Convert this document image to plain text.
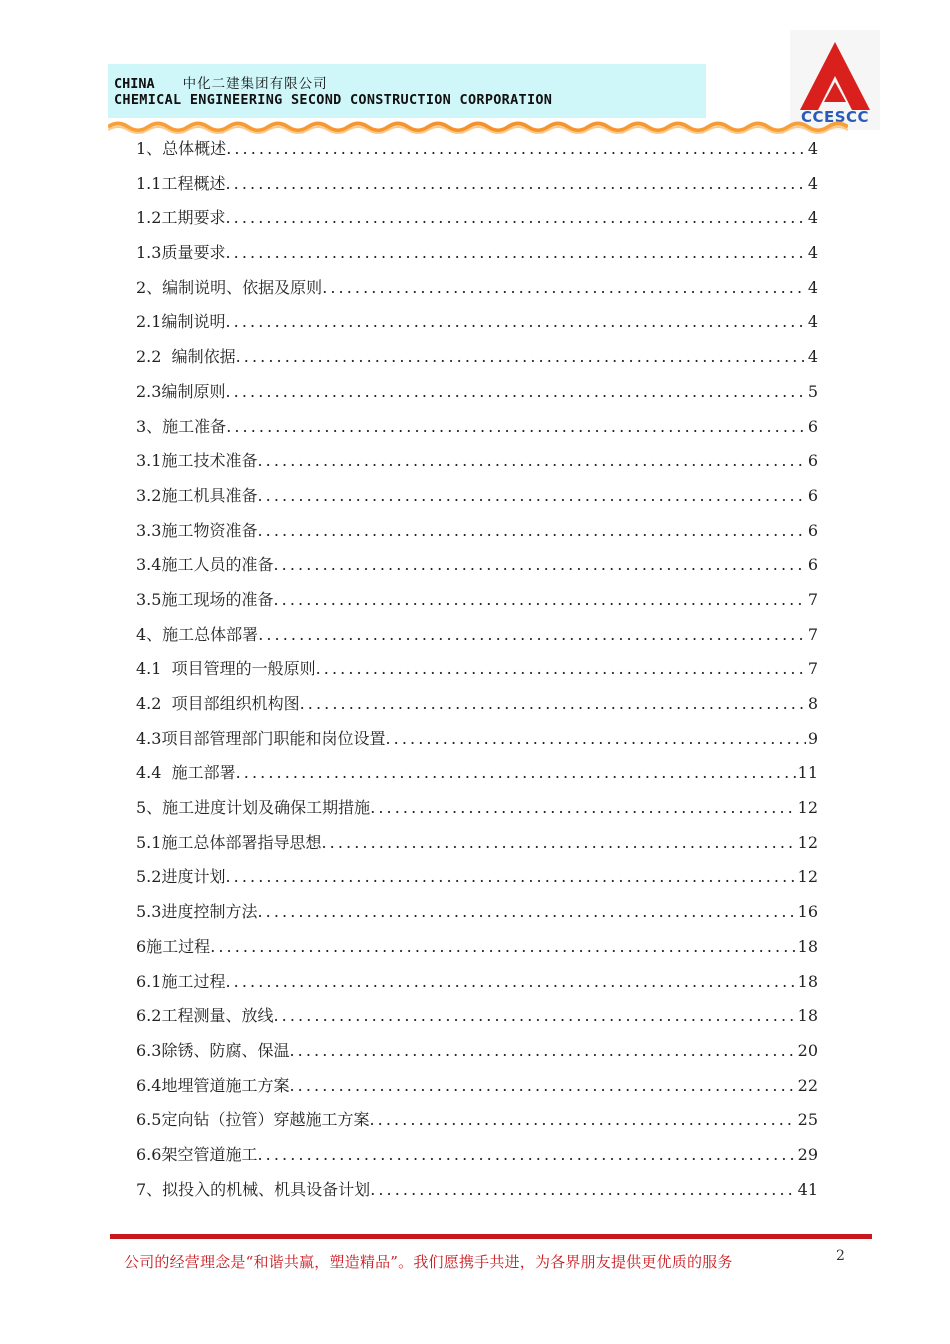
CHINA 中化二建集团有限公司
CHEMICAL ENGINEERING SECOND CONSTRUCTION CORPORATION
CCESCC
1、总体概述 .....	4
1.1工程概述 .....	4
1.2工期要求 .....	4
1.3质量要求 .....	4
2、编制说明、依据及原则 .....	4
2.1编制说明 .....	4
2.2  编制依据 .....	4
2.3编制原则 .....	5
3、施工准备 .....	6
3.1施工技术准备 .....	6
3.2施工机具准备 .....	6
3.3施工物资准备 .....	6
3.4施工人员的准备 .....	6
3.5施工现场的准备 .....	7
4、施工总体部署 .....	7
4.1  项目管理的一般原则 .....	7
4.2  项目部组织机构图 .....	8
4.3项目部管理部门职能和岗位设置 .....	9
4.4  施工部署 .....	11
5、施工进度计划及确保工期措施 .....	12
5.1施工总体部署指导思想 .....	12
5.2进度计划 .....	12
5.3进度控制方法 .....	16
6施工过程 .....	18
6.1施工过程 .....	18
6.2工程测量、放线 .....	18
6.3除锈、防腐、保温 .....	20
6.4地埋管道施工方案 .....	22
6.5定向钻（拉管）穿越施工方案 .....	25
6.6架空管道施工 .....	29
7、拟投入的机械、机具设备计划 .....	41
公司的经营理念是“和谐共赢，塑造精品”。我们愿携手共进，为各界朋友提供更优质的服务	2
